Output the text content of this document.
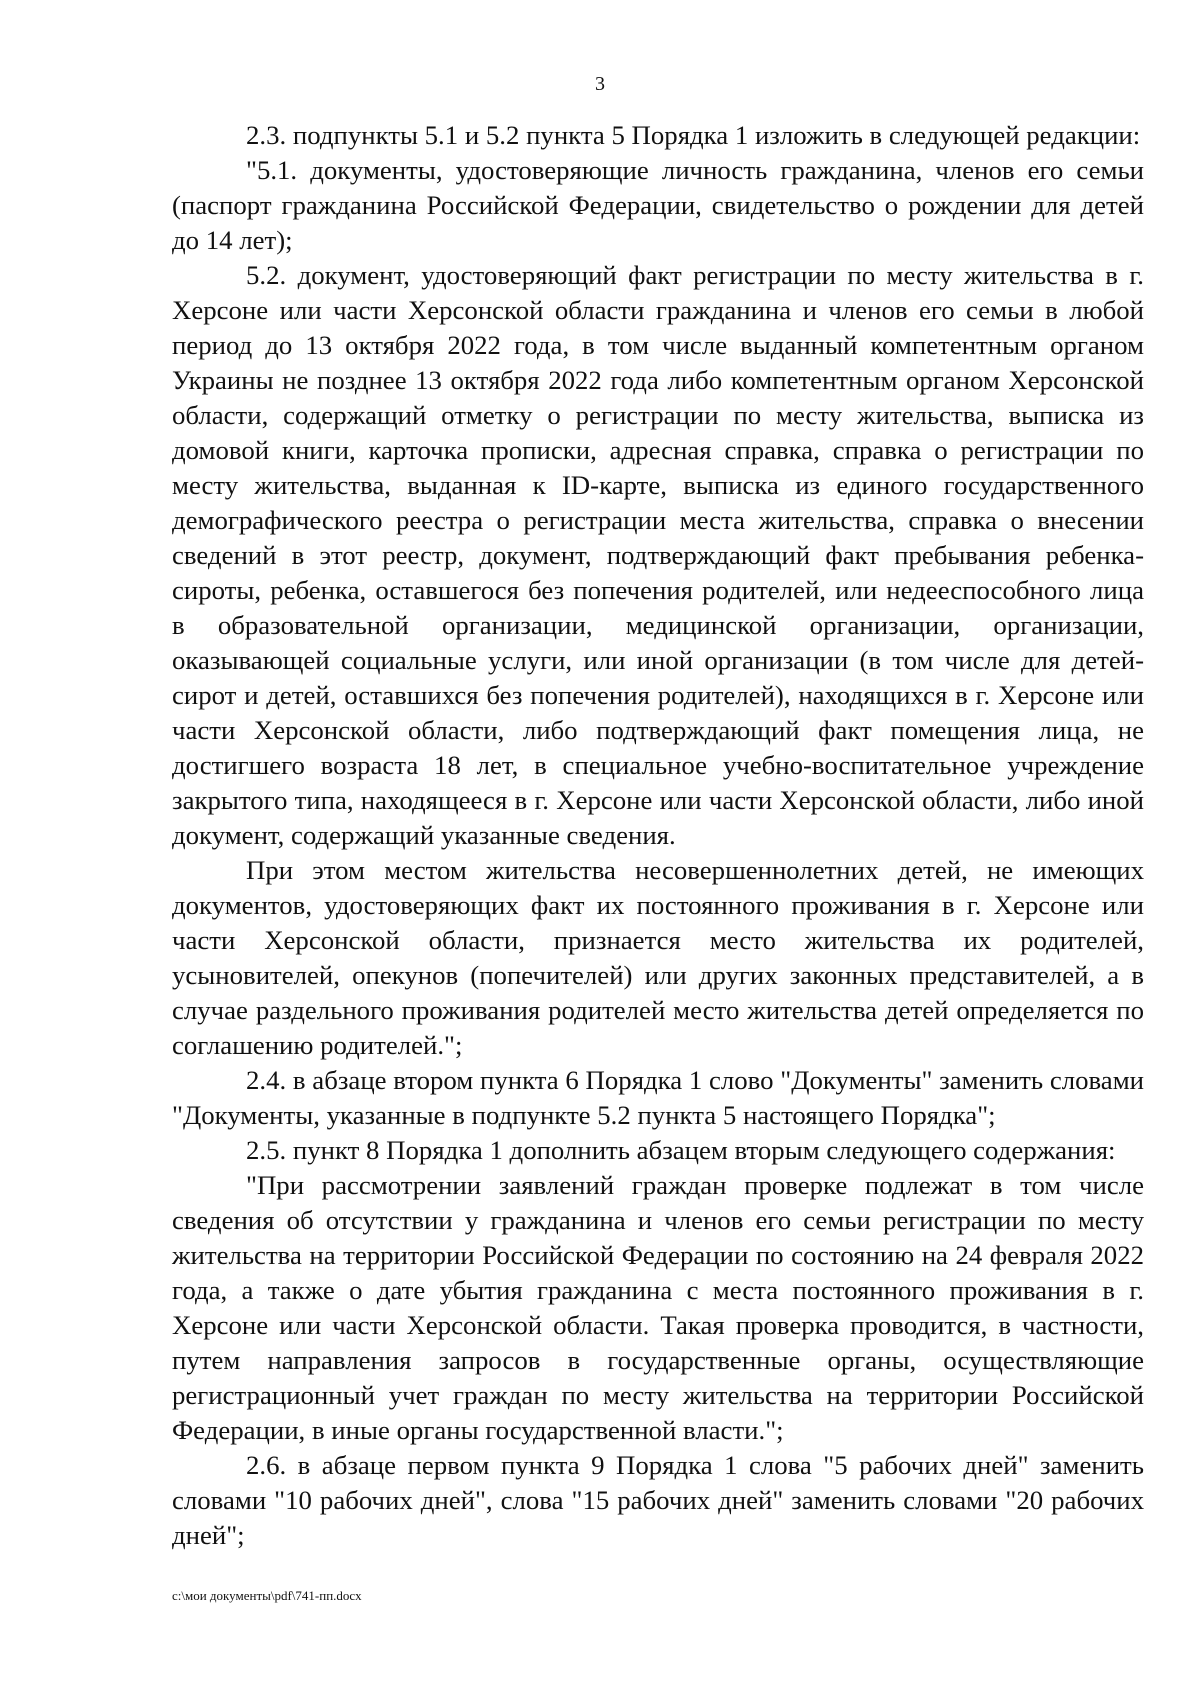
3

2.3. подпункты 5.1 и 5.2 пункта 5 Порядка 1 изложить в следующей редакции:

"5.1. документы, удостоверяющие личность гражданина, членов его семьи (паспорт гражданина Российской Федерации, свидетельство о рождении для детей до 14 лет);

5.2. документ, удостоверяющий факт регистрации по месту жительства в г. Херсоне или части Херсонской области гражданина и членов его семьи в любой период до 13 октября 2022 года, в том числе выданный компетентным органом Украины не позднее 13 октября 2022 года либо компетентным органом Херсонской области, содержащий отметку о регистрации по месту жительства, выписка из домовой книги, карточка прописки, адресная справка, справка о регистрации по месту жительства, выданная к ID-карте, выписка из единого государственного демографического реестра о регистрации места жительства, справка о внесении сведений в этот реестр, документ, подтверждающий факт пребывания ребенка-сироты, ребенка, оставшегося без попечения родителей, или недееспособного лица в образовательной организации, медицинской организации, организации, оказывающей социальные услуги, или иной организации (в том числе для детей-сирот и детей, оставшихся без попечения родителей), находящихся в г. Херсоне или части Херсонской области, либо подтверждающий факт помещения лица, не достигшего возраста 18 лет, в специальное учебно-воспитательное учреждение закрытого типа, находящееся в г. Херсоне или части Херсонской области, либо иной документ, содержащий указанные сведения.

При этом местом жительства несовершеннолетних детей, не имеющих документов, удостоверяющих факт их постоянного проживания в г. Херсоне или части Херсонской области, признается место жительства их родителей, усыновителей, опекунов (попечителей) или других законных представителей, а в случае раздельного проживания родителей место жительства детей определяется по соглашению родителей.";

2.4. в абзаце втором пункта 6 Порядка 1 слово "Документы" заменить словами "Документы, указанные в подпункте 5.2 пункта 5 настоящего Порядка";

2.5. пункт 8 Порядка 1 дополнить абзацем вторым следующего содержания:

"При рассмотрении заявлений граждан проверке подлежат в том числе сведения об отсутствии у гражданина и членов его семьи регистрации по месту жительства на территории Российской Федерации по состоянию на 24 февраля 2022 года, а также о дате убытия гражданина с места постоянного проживания в г. Херсоне или части Херсонской области. Такая проверка проводится, в частности, путем направления запросов в государственные органы, осуществляющие регистрационный учет граждан по месту жительства на территории Российской Федерации, в иные органы государственной власти.";

2.6. в абзаце первом пункта 9 Порядка 1 слова "5 рабочих дней" заменить словами "10 рабочих дней", слова "15 рабочих дней" заменить словами "20 рабочих дней";

c:\мои документы\pdf\741-пп.docx
